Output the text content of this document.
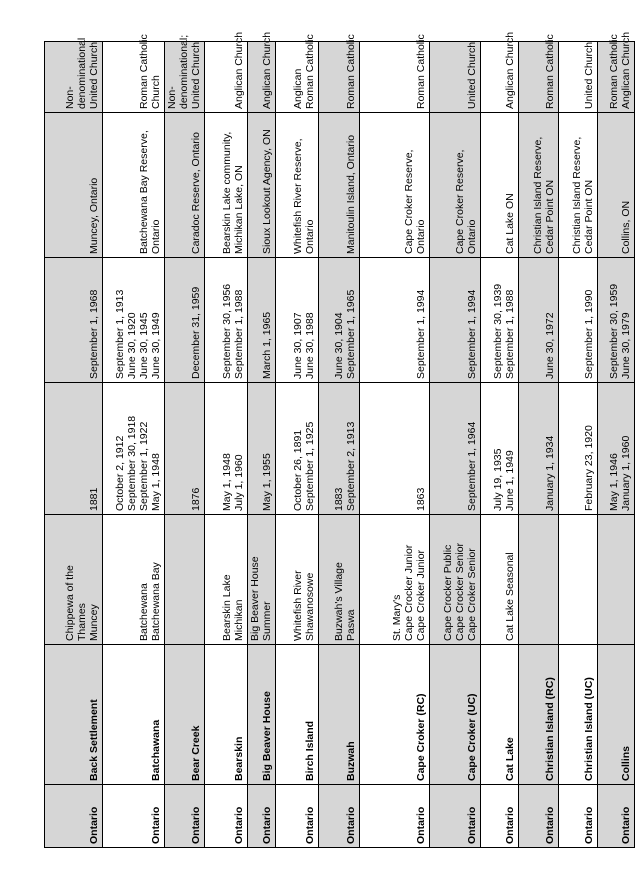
Ontario	Back Settlement	Chippewa of the Thames Muncey	1881	September 1, 1968	Muncey, Ontario	Non- denominational United Church

Ontario	Batchawana	Batchewana Batchewana Bay	October 2, 1912 September 30, 1918 September 1, 1922 May 1, 1948	September 1, 1913 June 30, 1920 June 30, 1945 June 30, 1949	Batchewana Bay Reserve, Ontario	Roman Catholic Church

Ontario	Bear Creek		1876	December 31, 1959	Caradoc Reserve, Ontario	Non- denominational; United Church

Ontario	Bearskin	Bearskin Lake Michikan	May 1, 1948 July 1, 1960	September 30, 1956 September 1, 1988	Bearskin Lake community, Michikan Lake, ON	Anglican Church

Ontario	Big Beaver House	Big Beaver House Summer	May 1, 1955	March 1, 1965	Sioux Lookout Agency, ON	Anglican Church

Ontario	Birch Island	Whitefish River Shawanosowe	October 26, 1891 September 1, 1925	June 30, 1907 June 30, 1988	Whitefish River Reserve, Ontario	Anglican Roman Catholic

Ontario	Buzwah	Buzwah's Village Paswa	1883 September 2, 1913	June 30, 1904 September 1, 1965	Manitoulin Island, Ontario	Roman Catholic

Ontario	Cape Croker (RC)	St. Mary's Cape Crocker Junior Cape Croker Junior	1863	September 1, 1994	Cape Croker Reserve, Ontario	Roman Catholic

Ontario	Cape Croker (UC)	Cape Crocker Public Cape Crocker Senior Cape Croker Senior	September 1, 1964	September 1, 1994	Cape Croker Reserve, Ontario	United Church

Ontario	Cat Lake	Cat Lake Seasonal	July 19, 1935 June 1, 1949	September 30, 1939 September 1, 1988	Cat Lake ON	Anglican Church

Ontario	Christian Island (RC)		January 1, 1934	June 30, 1972	Christian Island Reserve, Cedar Point ON	Roman Catholic

Ontario	Christian Island (UC)		February 23, 1920	September 1, 1990	Christian Island Reserve, Cedar Point ON	United Church

Ontario	Collins		May 1, 1946 January 1, 1960	September 30, 1959 June 30, 1979	Collins, ON	Roman Catholic Anglican Church
